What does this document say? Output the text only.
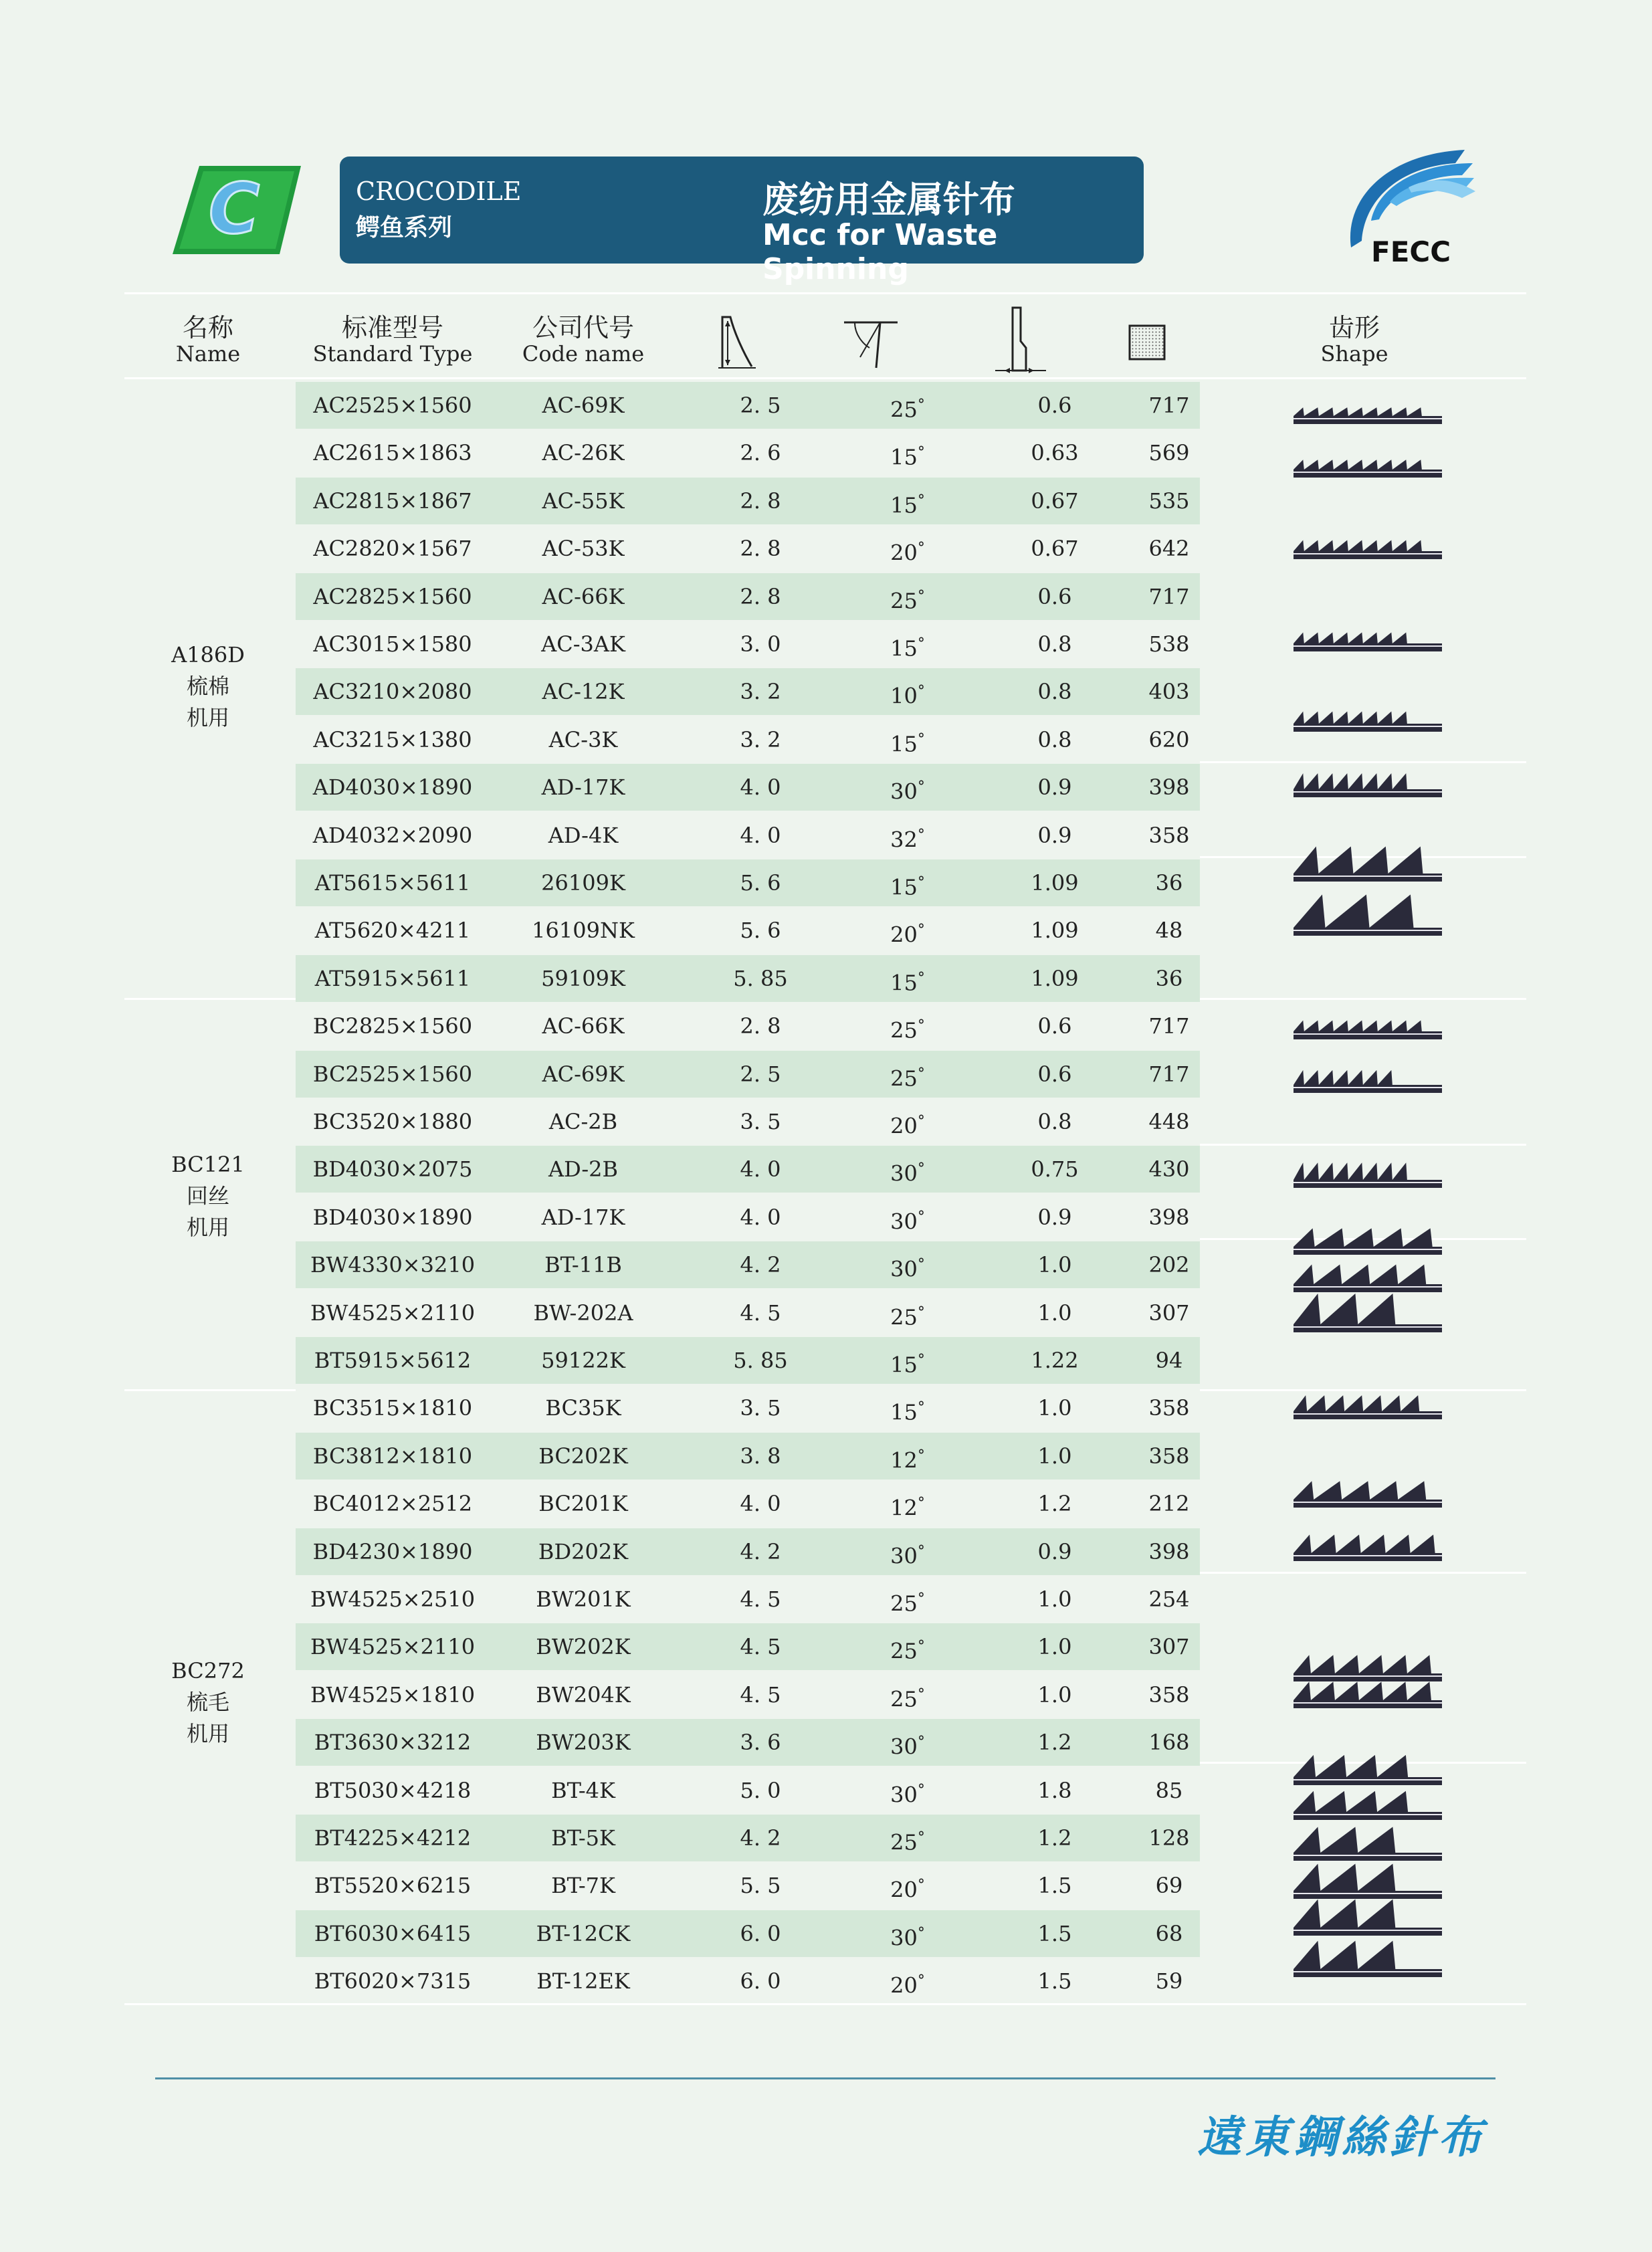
C	CROCODILE
鳄鱼系列
废纺用金属针布
Mcc for Waste Spinning
FECC
名称
Name
标准型号
Standard Type
公司代号
Code name
齿形
Shape
A186D
梳棉
机用
BC121
回丝
机用
BC272
梳毛
机用
AC2525×1560	AC-69K	2. 5	25°	0.6	717
AC2615×1863	AC-26K	2. 6	15°	0.63	569
AC2815×1867	AC-55K	2. 8	15°	0.67	535
AC2820×1567	AC-53K	2. 8	20°	0.67	642
AC2825×1560	AC-66K	2. 8	25°	0.6	717
AC3015×1580	AC-3AK	3. 0	15°	0.8	538
AC3210×2080	AC-12K	3. 2	10°	0.8	403
AC3215×1380	AC-3K	3. 2	15°	0.8	620
AD4030×1890	AD-17K	4. 0	30°	0.9	398
AD4032×2090	AD-4K	4. 0	32°	0.9	358
AT5615×5611	26109K	5. 6	15°	1.09	36
AT5620×4211	16109NK	5. 6	20°	1.09	48
AT5915×5611	59109K	5. 85	15°	1.09	36
BC2825×1560	AC-66K	2. 8	25°	0.6	717
BC2525×1560	AC-69K	2. 5	25°	0.6	717
BC3520×1880	AC-2B	3. 5	20°	0.8	448
BD4030×2075	AD-2B	4. 0	30°	0.75	430
BD4030×1890	AD-17K	4. 0	30°	0.9	398
BW4330×3210	BT-11B	4. 2	30°	1.0	202
BW4525×2110	BW-202A	4. 5	25°	1.0	307
BT5915×5612	59122K	5. 85	15°	1.22	94
BC3515×1810	BC35K	3. 5	15°	1.0	358
BC3812×1810	BC202K	3. 8	12°	1.0	358
BC4012×2512	BC201K	4. 0	12°	1.2	212
BD4230×1890	BD202K	4. 2	30°	0.9	398
BW4525×2510	BW201K	4. 5	25°	1.0	254
BW4525×2110	BW202K	4. 5	25°	1.0	307
BW4525×1810	BW204K	4. 5	25°	1.0	358
BT3630×3212	BW203K	3. 6	30°	1.2	168
BT5030×4218	BT-4K	5. 0	30°	1.8	85
BT4225×4212	BT-5K	4. 2	25°	1.2	128
BT5520×6215	BT-7K	5. 5	20°	1.5	69
BT6030×6415	BT-12CK	6. 0	30°	1.5	68
BT6020×7315	BT-12EK	6. 0	20°	1.5	59
遠東鋼絲針布
